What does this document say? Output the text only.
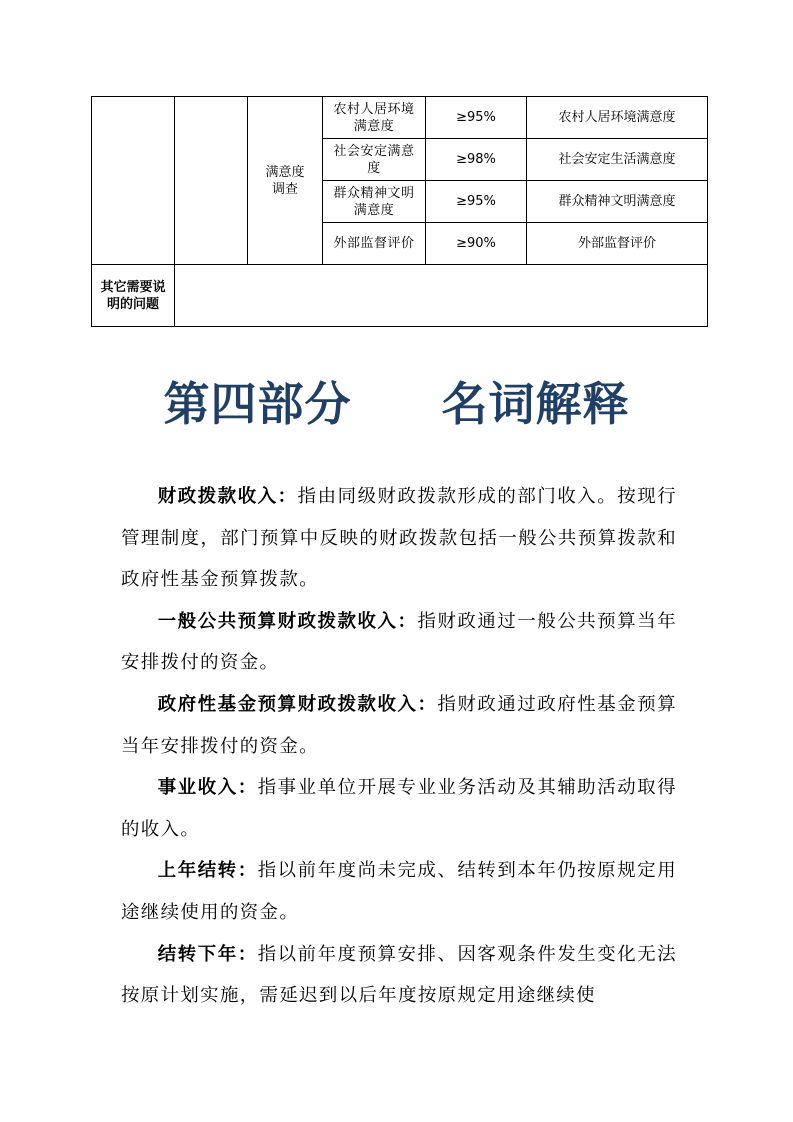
		满意度调查	农村人居环境满意度	≥95%	农村人居环境满意度

			社会安定满意度	≥98%	社会安定生活满意度

			群众精神文明满意度	≥95%	群众精神文明满意度

			外部监督评价	≥90%	外部监督评价

其它需要说明的问题					

第四部分 名词解释

财政拨款收入：指由同级财政拨款形成的部门收入。按现行管理制度，部门预算中反映的财政拨款包括一般公共预算拨款和政府性基金预算拨款。

一般公共预算财政拨款收入：指财政通过一般公共预算当年安排拨付的资金。

政府性基金预算财政拨款收入：指财政通过政府性基金预算当年安排拨付的资金。

事业收入：指事业单位开展专业业务活动及其辅助活动取得的收入。

上年结转：指以前年度尚未完成、结转到本年仍按原规定用途继续使用的资金。

结转下年：指以前年度预算安排、因客观条件发生变化无法按原计划实施，需延迟到以后年度按原规定用途继续使
